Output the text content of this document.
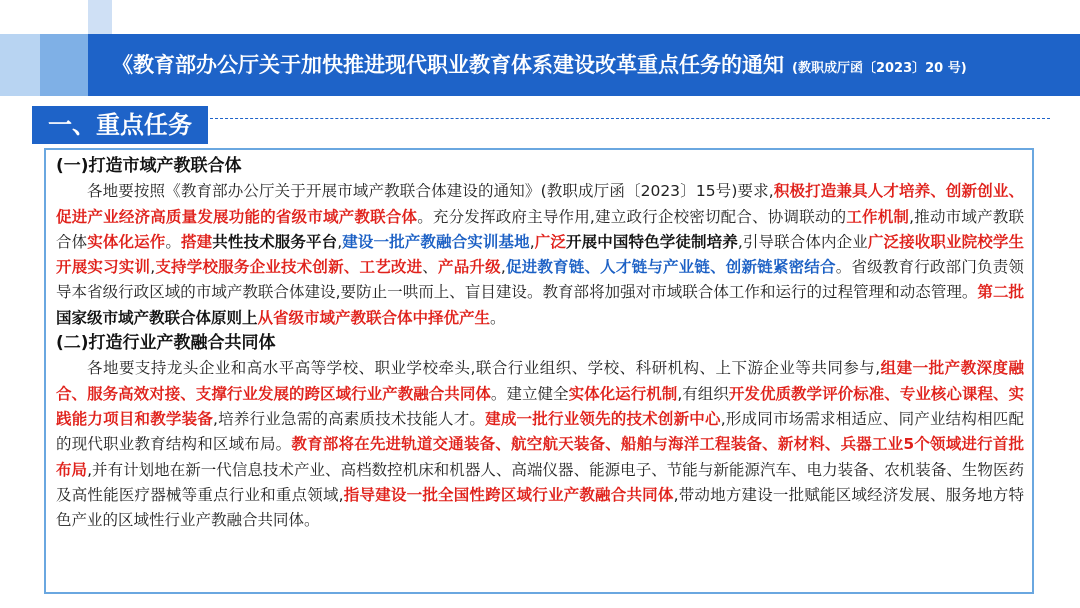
《教育部办公厅关于加快推进现代职业教育体系建设改革重点任务的通知 (教职成厅函〔2023〕20 号)
一、重点任务

(一)打造市域产教联合体

各地要按照《教育部办公厅关于开展市域产教联合体建设的通知》(教职成厅函〔2023〕15号)要求,积极打造兼具人才培养、创新创业、促进产业经济高质量发展功能的省级市域产教联合体。充分发挥政府主导作用,建立政行企校密切配合、协调联动的工作机制,推动市域产教联合体实体化运作。搭建共性技术服务平台,建设一批产教融合实训基地,广泛开展中国特色学徒制培养,引导联合体内企业广泛接收职业院校学生开展实习实训,支持学校服务企业技术创新、工艺改进、产品升级,促进教育链、人才链与产业链、创新链紧密结合。省级教育行政部门负责领导本省级行政区域的市域产教联合体建设,要防止一哄而上、盲目建设。教育部将加强对市域联合体工作和运行的过程管理和动态管理。第二批国家级市域产教联合体原则上从省级市域产教联合体中择优产生。

(二)打造行业产教融合共同体

各地要支持龙头企业和高水平高等学校、职业学校牵头,联合行业组织、学校、科研机构、上下游企业等共同参与,组建一批产教深度融合、服务高效对接、支撑行业发展的跨区域行业产教融合共同体。建立健全实体化运行机制,有组织开发优质教学评价标准、专业核心课程、实践能力项目和教学装备,培养行业急需的高素质技术技能人才。建成一批行业领先的技术创新中心,形成同市场需求相适应、同产业结构相匹配的现代职业教育结构和区域布局。教育部将在先进轨道交通装备、航空航天装备、船舶与海洋工程装备、新材料、兵器工业5个领域进行首批布局,并有计划地在新一代信息技术产业、高档数控机床和机器人、高端仪器、能源电子、节能与新能源汽车、电力装备、农机装备、生物医药及高性能医疗器械等重点行业和重点领域,指导建设一批全国性跨区域行业产教融合共同体,带动地方建设一批赋能区域经济发展、服务地方特色产业的区域性行业产教融合共同体。
